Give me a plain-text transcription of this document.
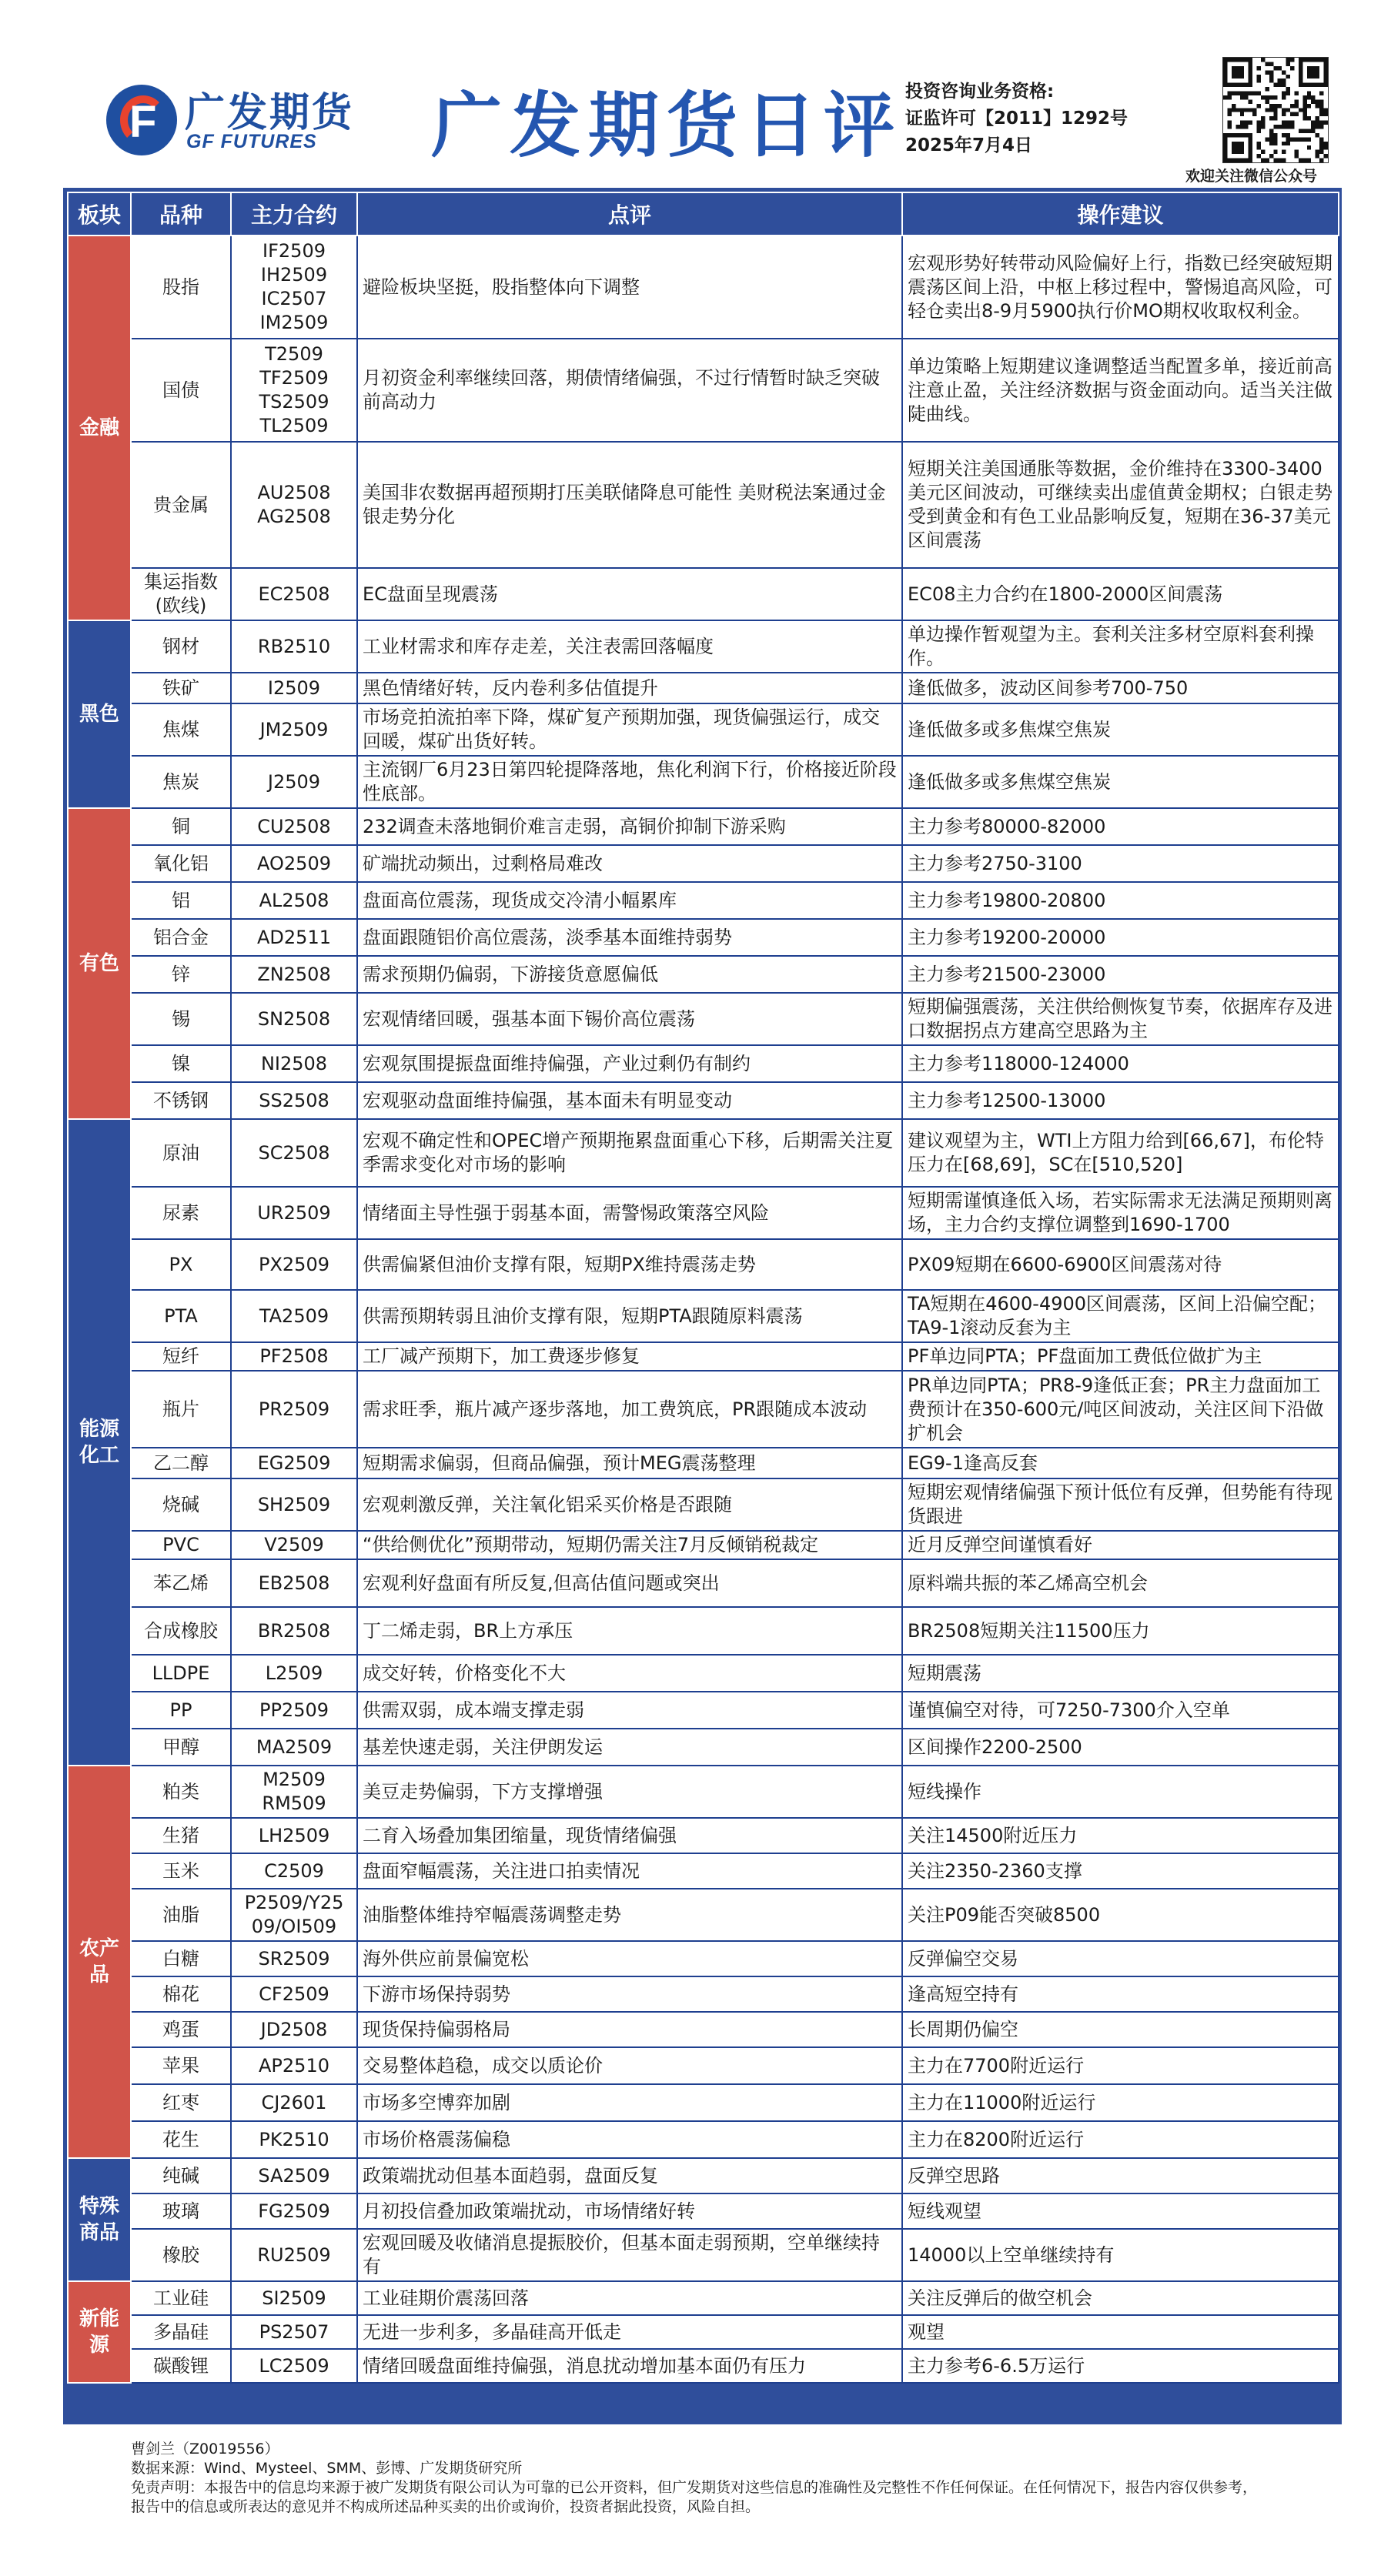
F 广发期货
GF FUTURES 广发期货日评 投资咨询业务资格:
证监许可【2011】1292号
2025年7月4日
欢迎关注微信公众号
板块	品种	主力合约	点评	操作建议
金融	股指	IF2509
IH2509
IC2507
IM2509	避险板块坚挺，股指整体向下调整	宏观形势好转带动风险偏好上行，指数已经突破短期震荡区间上沿，中枢上移过程中，警惕追高风险，可轻仓卖出8-9月5900执行价MO期权收取权利金。
	国债	T2509
TF2509
TS2509
TL2509	月初资金利率继续回落，期债情绪偏强，不过行情暂时缺乏突破前高动力	单边策略上短期建议逢调整适当配置多单，接近前高注意止盈，关注经济数据与资金面动向。适当关注做陡曲线。
	贵金属	AU2508
AG2508	美国非农数据再超预期打压美联储降息可能性 美财税法案通过金银走势分化	短期关注美国通胀等数据，金价维持在3300-3400美元区间波动，可继续卖出虚值黄金期权；白银走势受到黄金和有色工业品影响反复，短期在36-37美元区间震荡
	集运指数
(欧线)	EC2508	EC盘面呈现震荡	EC08主力合约在1800-2000区间震荡
黑色	钢材	RB2510	工业材需求和库存走差，关注表需回落幅度	单边操作暂观望为主。套利关注多材空原料套利操作。
	铁矿	I2509	黑色情绪好转，反内卷利多估值提升	逢低做多，波动区间参考700-750
	焦煤	JM2509	市场竞拍流拍率下降，煤矿复产预期加强，现货偏强运行，成交回暖，煤矿出货好转。	逢低做多或多焦煤空焦炭
	焦炭	J2509	主流钢厂6月23日第四轮提降落地，焦化利润下行，价格接近阶段性底部。	逢低做多或多焦煤空焦炭
有色	铜	CU2508	232调查未落地铜价难言走弱，高铜价抑制下游采购	主力参考80000-82000
	氧化铝	AO2509	矿端扰动频出，过剩格局难改	主力参考2750-3100
	铝	AL2508	盘面高位震荡，现货成交冷清小幅累库	主力参考19800-20800
	铝合金	AD2511	盘面跟随铝价高位震荡，淡季基本面维持弱势	主力参考19200-20000
	锌	ZN2508	需求预期仍偏弱，下游接货意愿偏低	主力参考21500-23000
	锡	SN2508	宏观情绪回暖，强基本面下锡价高位震荡	短期偏强震荡，关注供给侧恢复节奏，依据库存及进口数据拐点方建高空思路为主
	镍	NI2508	宏观氛围提振盘面维持偏强，产业过剩仍有制约	主力参考118000-124000
	不锈钢	SS2508	宏观驱动盘面维持偏强，基本面未有明显变动	主力参考12500-13000
能源
化工	原油	SC2508	宏观不确定性和OPEC增产预期拖累盘面重心下移，后期需关注夏季需求变化对市场的影响	建议观望为主，WTI上方阻力给到[66,67]，布伦特压力在[68,69]，SC在[510,520]
	尿素	UR2509	情绪面主导性强于弱基本面，需警惕政策落空风险	短期需谨慎逢低入场，若实际需求无法满足预期则离场，主力合约支撑位调整到1690-1700
	PX	PX2509	供需偏紧但油价支撑有限，短期PX维持震荡走势	PX09短期在6600-6900区间震荡对待
	PTA	TA2509	供需预期转弱且油价支撑有限，短期PTA跟随原料震荡	TA短期在4600-4900区间震荡，区间上沿偏空配；TA9-1滚动反套为主
	短纤	PF2508	工厂减产预期下，加工费逐步修复	PF单边同PTA；PF盘面加工费低位做扩为主
	瓶片	PR2509	需求旺季，瓶片减产逐步落地，加工费筑底，PR跟随成本波动	PR单边同PTA；PR8-9逢低正套；PR主力盘面加工费预计在350-600元/吨区间波动，关注区间下沿做扩机会
	乙二醇	EG2509	短期需求偏弱，但商品偏强，预计MEG震荡整理	EG9-1逢高反套
	烧碱	SH2509	宏观刺激反弹，关注氧化铝采买价格是否跟随	短期宏观情绪偏强下预计低位有反弹，但势能有待现货跟进
	PVC	V2509	“供给侧优化”预期带动，短期仍需关注7月反倾销税裁定	近月反弹空间谨慎看好
	苯乙烯	EB2508	宏观利好盘面有所反复,但高估值问题或突出	原料端共振的苯乙烯高空机会
	合成橡胶	BR2508	丁二烯走弱，BR上方承压	BR2508短期关注11500压力
	LLDPE	L2509	成交好转，价格变化不大	短期震荡
	PP	PP2509	供需双弱，成本端支撑走弱	谨慎偏空对待，可7250-7300介入空单
	甲醇	MA2509	基差快速走弱，关注伊朗发运	区间操作2200-2500
农产品	粕类	M2509
RM509	美豆走势偏弱，下方支撑增强	短线操作
	生猪	LH2509	二育入场叠加集团缩量，现货情绪偏强	关注14500附近压力
	玉米	C2509	盘面窄幅震荡，关注进口拍卖情况	关注2350-2360支撑
	油脂	P2509/Y25
09/OI509	油脂整体维持窄幅震荡调整走势	关注P09能否突破8500
	白糖	SR2509	海外供应前景偏宽松	反弹偏空交易
	棉花	CF2509	下游市场保持弱势	逢高短空持有
	鸡蛋	JD2508	现货保持偏弱格局	长周期仍偏空
	苹果	AP2510	交易整体趋稳，成交以质论价	主力在7700附近运行
	红枣	CJ2601	市场多空博弈加剧	主力在11000附近运行
	花生	PK2510	市场价格震荡偏稳	主力在8200附近运行
特殊
商品	纯碱	SA2509	政策端扰动但基本面趋弱，盘面反复	反弹空思路
	玻璃	FG2509	月初投信叠加政策端扰动，市场情绪好转	短线观望
	橡胶	RU2509	宏观回暖及收储消息提振胶价，但基本面走弱预期，空单继续持有	14000以上空单继续持有
新能源	工业硅	SI2509	工业硅期价震荡回落	关注反弹后的做空机会
	多晶硅	PS2507	无进一步利多，多晶硅高开低走	观望
	碳酸锂	LC2509	情绪回暖盘面维持偏强，消息扰动增加基本面仍有压力	主力参考6-6.5万运行
曹剑兰（Z0019556）
数据来源：Wind、Mysteel、SMM、彭博、广发期货研究所
免责声明：本报告中的信息均来源于被广发期货有限公司认为可靠的已公开资料，但广发期货对这些信息的准确性及完整性不作任何保证。在任何情况下，报告内容仅供参考，
报告中的信息或所表达的意见并不构成所述品种买卖的出价或询价，投资者据此投资，风险自担。
